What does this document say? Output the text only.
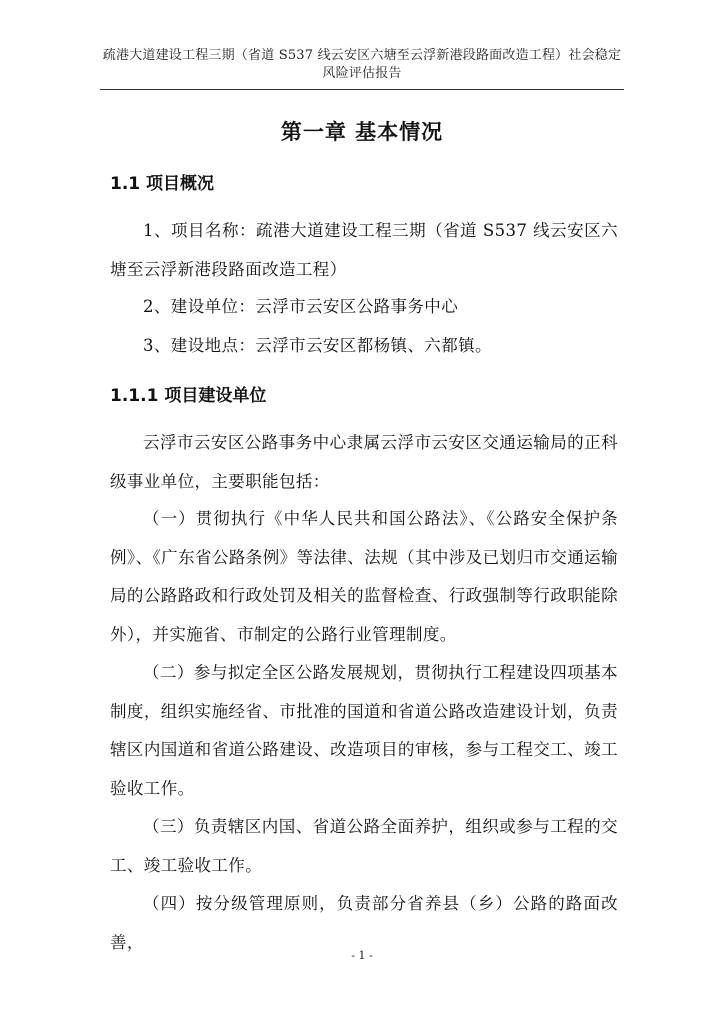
疏港大道建设工程三期（省道 S537 线云安区六塘至云浮新港段路面改造工程）社会稳定风险评估报告
第一章 基本情况
1.1 项目概况
1、项目名称：疏港大道建设工程三期（省道 S537 线云安区六塘至云浮新港段路面改造工程）
2、建设单位：云浮市云安区公路事务中心
3、建设地点：云浮市云安区都杨镇、六都镇。
1.1.1 项目建设单位
云浮市云安区公路事务中心隶属云浮市云安区交通运输局的正科级事业单位，主要职能包括：
（一）贯彻执行《中华人民共和国公路法》、《公路安全保护条例》、《广东省公路条例》等法律、法规（其中涉及已划归市交通运输局的公路路政和行政处罚及相关的监督检查、行政强制等行政职能除外），并实施省、市制定的公路行业管理制度。
（二）参与拟定全区公路发展规划，贯彻执行工程建设四项基本制度，组织实施经省、市批准的国道和省道公路改造建设计划，负责辖区内国道和省道公路建设、改造项目的审核，参与工程交工、竣工验收工作。
（三）负责辖区内国、省道公路全面养护，组织或参与工程的交工、竣工验收工作。
（四）按分级管理原则，负责部分省养县（乡）公路的路面改善，
- 1 -
